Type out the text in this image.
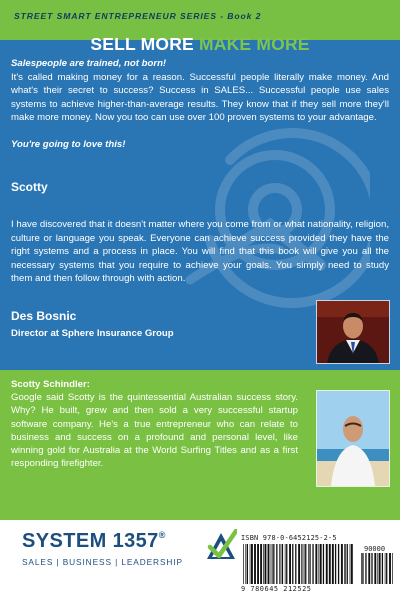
STREET SMART ENTREPRENEUR SERIES - Book 2
SELL MORE MAKE MORE
Salespeople are trained, not born!
It's called making money for a reason. Successful people literally make money. And what's their secret to success? Success in SALES... Successful people use sales systems to achieve higher-than-average results. They know that if they sell more they'll make more money. Now you too can use over 100 proven systems to your advantage.
You're going to love this!
Scotty
I have discovered that it doesn't matter where you come from or what nationality, religion, culture or language you speak. Everyone can achieve success provided they have the right systems and a process in place. You will find that this book will give you all the necessary systems that you require to achieve your goals. You simply need to study them and then follow through with action.
Des Bosnic
Director at Sphere Insurance Group
Scotty Schindler:
Google said Scotty is the quintessential Australian success story. Why? He built, grew and then sold a very successful startup software company. He's a true entrepreneur who can relate to business and success on a profound and personal level, like winning gold for Australia at the World Surfing Titles and as a first responding firefighter.
ISBN 978-0-6452125-2-5
90000
9 780645 212525
SYSTEM 1357®
SALES | BUSINESS | LEADERSHIP
